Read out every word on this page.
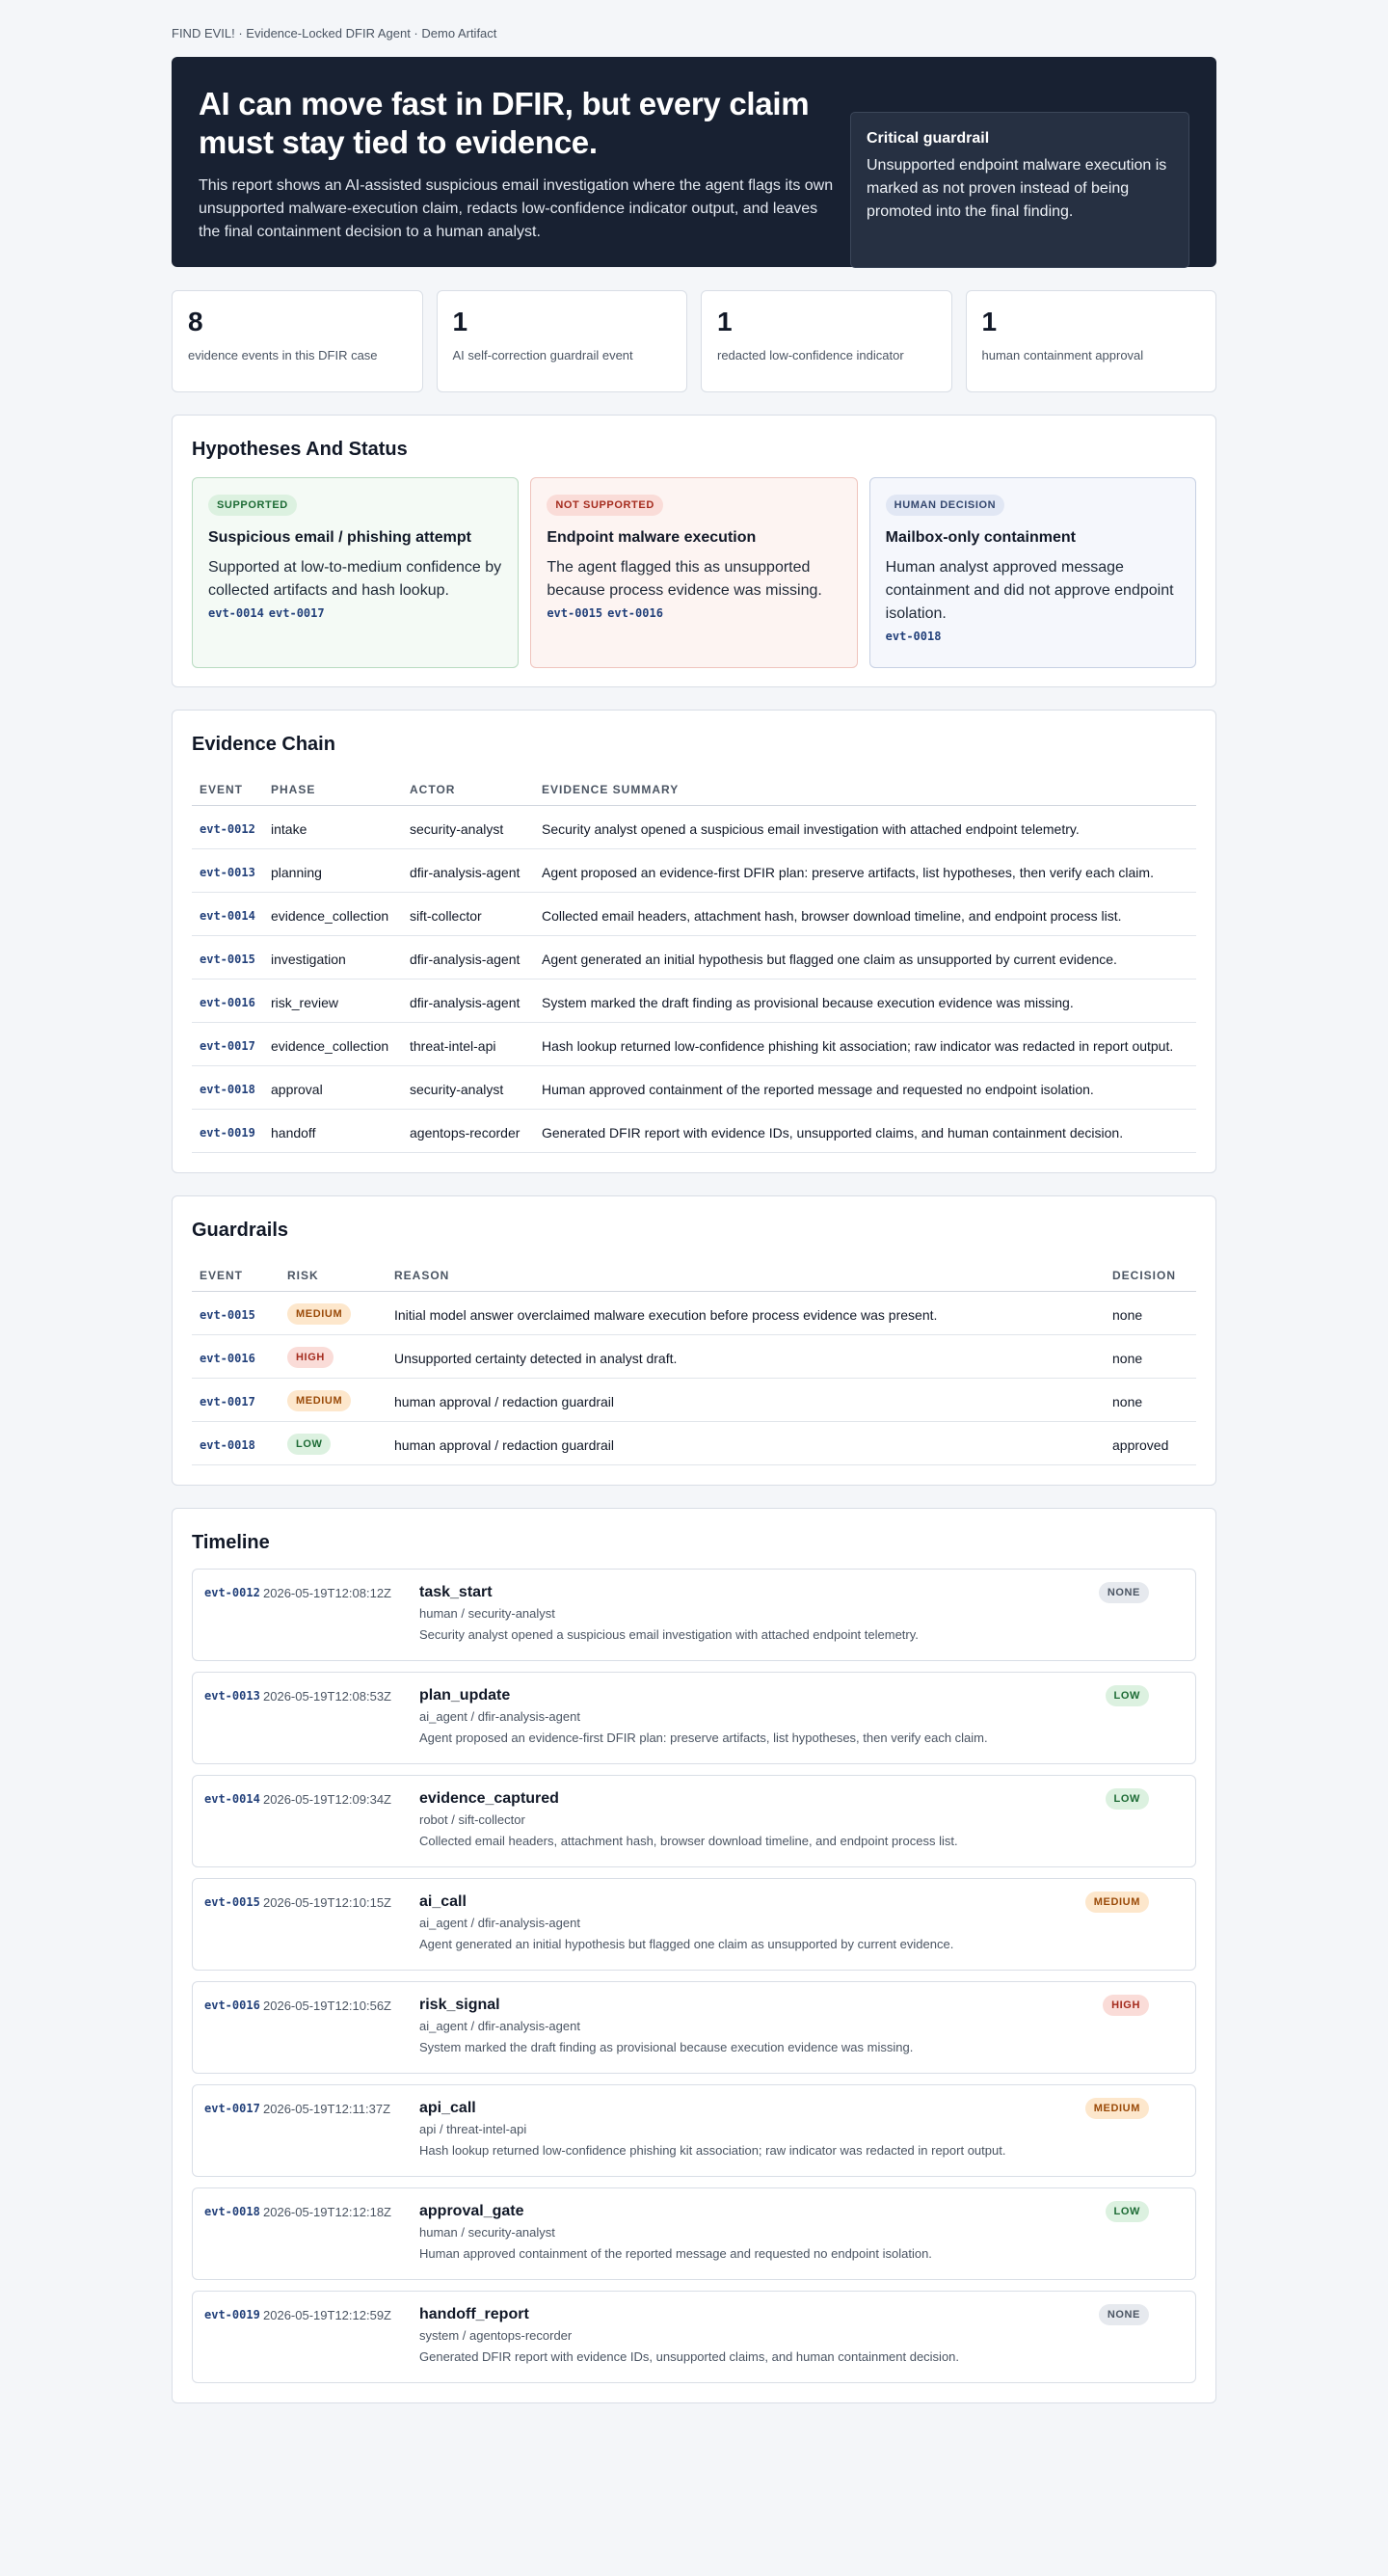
FIND EVIL! · Evidence-Locked DFIR Agent · Demo Artifact
AI can move fast in DFIR, but every claim must stay tied to evidence.

This report shows an AI-assisted suspicious email investigation where the agent flags its own unsupported malware-execution claim, redacts low-confidence indicator output, and leaves the final containment decision to a human analyst.

Critical guardrail

Unsupported endpoint malware execution is marked as not proven instead of being promoted into the final finding.

8
evidence events in this DFIR case
1
AI self-correction guardrail event
1
redacted low-confidence indicator
1
human containment approval
Hypotheses And Status
SUPPORTED
Suspicious email / phishing attempt

Supported at low-to-medium confidence by collected artifacts and hash lookup.

evt-0014 evt-0017
NOT SUPPORTED
Endpoint malware execution

The agent flagged this as unsupported because process evidence was missing.

evt-0015 evt-0016
HUMAN DECISION
Mailbox-only containment

Human analyst approved message containment and did not approve endpoint isolation.

evt-0018
Evidence Chain
EVENT	PHASE	ACTOR	EVIDENCE SUMMARY
evt-0012	intake	security-analyst	Security analyst opened a suspicious email investigation with attached endpoint telemetry.
evt-0013	planning	dfir-analysis-agent	Agent proposed an evidence-first DFIR plan: preserve artifacts, list hypotheses, then verify each claim.
evt-0014	evidence_collection	sift-collector	Collected email headers, attachment hash, browser download timeline, and endpoint process list.
evt-0015	investigation	dfir-analysis-agent	Agent generated an initial hypothesis but flagged one claim as unsupported by current evidence.
evt-0016	risk_review	dfir-analysis-agent	System marked the draft finding as provisional because execution evidence was missing.
evt-0017	evidence_collection	threat-intel-api	Hash lookup returned low-confidence phishing kit association; raw indicator was redacted in report output.
evt-0018	approval	security-analyst	Human approved containment of the reported message and requested no endpoint isolation.
evt-0019	handoff	agentops-recorder	Generated DFIR report with evidence IDs, unsupported claims, and human containment decision.
Guardrails
EVENT	RISK	REASON	DECISION
evt-0015	MEDIUM	Initial model answer overclaimed malware execution before process evidence was present.	none
evt-0016	HIGH	Unsupported certainty detected in analyst draft.	none
evt-0017	MEDIUM	human approval / redaction guardrail	none
evt-0018	LOW	human approval / redaction guardrail	approved
Timeline
evt-0012 2026-05-19T12:08:12Z	task_start
human / security-analyst
Security analyst opened a suspicious email investigation with attached endpoint telemetry.
NONE
evt-0013 2026-05-19T12:08:53Z	plan_update
ai_agent / dfir-analysis-agent
Agent proposed an evidence-first DFIR plan: preserve artifacts, list hypotheses, then verify each claim.
LOW
evt-0014 2026-05-19T12:09:34Z	evidence_captured
robot / sift-collector
Collected email headers, attachment hash, browser download timeline, and endpoint process list.
LOW
evt-0015 2026-05-19T12:10:15Z	ai_call
ai_agent / dfir-analysis-agent
Agent generated an initial hypothesis but flagged one claim as unsupported by current evidence.
MEDIUM
evt-0016 2026-05-19T12:10:56Z	risk_signal
ai_agent / dfir-analysis-agent
System marked the draft finding as provisional because execution evidence was missing.
HIGH
evt-0017 2026-05-19T12:11:37Z	api_call
api / threat-intel-api
Hash lookup returned low-confidence phishing kit association; raw indicator was redacted in report output.
MEDIUM
evt-0018 2026-05-19T12:12:18Z	approval_gate
human / security-analyst
Human approved containment of the reported message and requested no endpoint isolation.
LOW
evt-0019 2026-05-19T12:12:59Z	handoff_report
system / agentops-recorder
Generated DFIR report with evidence IDs, unsupported claims, and human containment decision.
NONE
